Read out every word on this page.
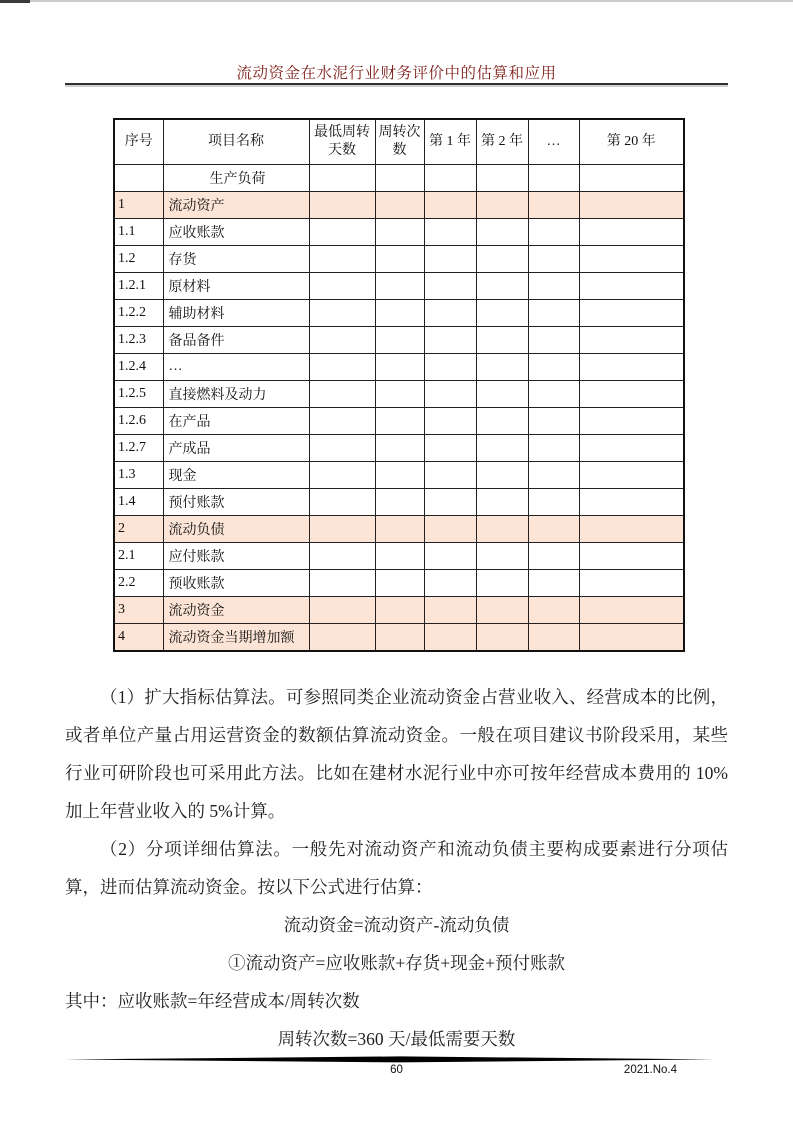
流动资金在水泥行业财务评价中的估算和应用
序号	项目名称	最低周转天数	周转次数	第 1 年	第 2 年	…	第 20 年
	生产负荷						
1	流动资产						
1.1	应收账款						
1.2	存货						
1.2.1	原材料						
1.2.2	辅助材料						
1.2.3	备品备件						
1.2.4	…						
1.2.5	直接燃料及动力						
1.2.6	在产品						
1.2.7	产成品						
1.3	现金						
1.4	预付账款						
2	流动负债						
2.1	应付账款						
2.2	预收账款						
3	流动资金						
4	流动资金当期增加额						

（1）扩大指标估算法。可参照同类企业流动资金占营业收入、经营成本的比例，或者单位产量占用运营资金的数额估算流动资金。一般在项目建议书阶段采用，某些行业可研阶段也可采用此方法。比如在建材水泥行业中亦可按年经营成本费用的 10%加上年营业收入的 5%计算。

（2）分项详细估算法。一般先对流动资产和流动负债主要构成要素进行分项估算，进而估算流动资金。按以下公式进行估算：

流动资金=流动资产-流动负债
①流动资产=应收账款+存货+现金+预付账款
其中：应收账款=年经营成本/周转次数
周转次数=360 天/最低需要天数
60	2021.No.4
